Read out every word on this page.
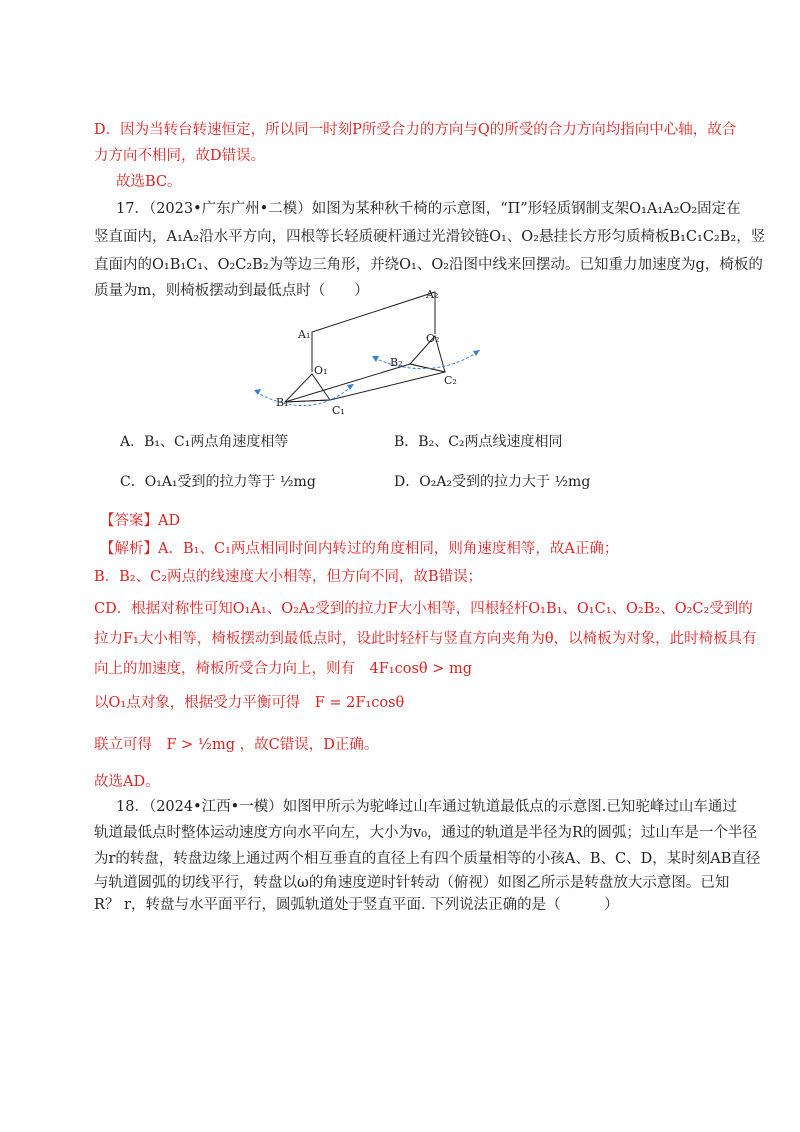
D．因为当转台转速恒定，所以同一时刻P所受合力的方向与Q的所受的合力方向均指向中心轴，故合
力方向不相同，故D错误。
故选BC。
17．（2023•广东广州•二模）如图为某种秋千椅的示意图，“Π”形轻质钢制支架O₁A₁A₂O₂固定在
竖直面内，A₁A₂沿水平方向，四根等长轻质硬杆通过光滑铰链O₁、O₂悬挂长方形匀质椅板B₁C₁C₂B₂，竖
直面内的O₁B₁C₁、O₂C₂B₂为等边三角形，并绕O₁、O₂沿图中线来回摆动。已知重力加速度为g，椅板的
质量为m，则椅板摆动到最低点时（　　）
A₁
A₂
O₁
O₂
B₁
B₂
C₁
C₂
A．B₁、C₁两点角速度相等	B．B₂、C₂两点线速度相同
C．O₁A₁受到的拉力等于 ½mg	D．O₂A₂受到的拉力大于 ½mg
【答案】AD
【解析】A．B₁、C₁两点相同时间内转过的角度相同，则角速度相等，故A正确；
B．B₂、C₂两点的线速度大小相等，但方向不同，故B错误；
CD．根据对称性可知O₁A₁、O₂A₂受到的拉力F大小相等，四根轻杆O₁B₁、O₁C₁、O₂B₂、O₂C₂受到的
拉力F₁大小相等，椅板摆动到最低点时，设此时轻杆与竖直方向夹角为θ，以椅板为对象，此时椅板具有
向上的加速度，椅板所受合力向上，则有　4F₁cosθ > mg
以O₁点对象，根据受力平衡可得　F = 2F₁cosθ
联立可得　F > ½mg ，故C错误，D正确。
故选AD。
18．（2024•江西•一模）如图甲所示为驼峰过山车通过轨道最低点的示意图.已知驼峰过山车通过
轨道最低点时整体运动速度方向水平向左，大小为v₀，通过的轨道是半径为R的圆弧；过山车是一个半径
为r的转盘，转盘边缘上通过两个相互垂直的直径上有四个质量相等的小孩A、B、C、D，某时刻AB直径
与轨道圆弧的切线平行，转盘以ω的角速度逆时针转动（俯视）如图乙所示是转盘放大示意图。已知
R？ r，转盘与水平面平行，圆弧轨道处于竖直平面. 下列说法正确的是（　　　）
